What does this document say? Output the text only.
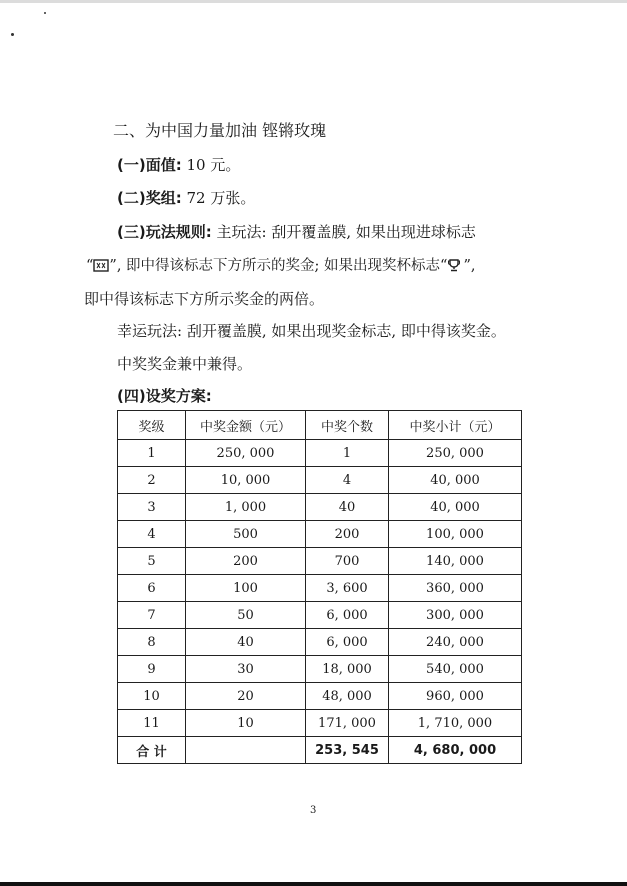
二、为中国力量加油 铿锵玫瑰
(一)面值: 10 元。
(二)奖组: 72 万张。
(三)玩法规则: 主玩法: 刮开覆盖膜, 如果出现进球标志
“ ”, 即中得该标志下方所示的奖金; 如果出现奖杯标志“ ”,
即中得该标志下方所示奖金的两倍。
幸运玩法: 刮开覆盖膜, 如果出现奖金标志, 即中得该奖金。
中奖奖金兼中兼得。
(四)设奖方案:
奖级	中奖金额（元）	中奖个数	中奖小计（元）
1	250, 000	1	250, 000
2	10, 000	4	40, 000
3	1, 000	40	40, 000
4	500	200	100, 000
5	200	700	140, 000
6	100	3, 600	360, 000
7	50	6, 000	300, 000
8	40	6, 000	240, 000
9	30	18, 000	540, 000
10	20	48, 000	960, 000
11	10	171, 000	1, 710, 000
合 计		253, 545	4, 680, 000
3
